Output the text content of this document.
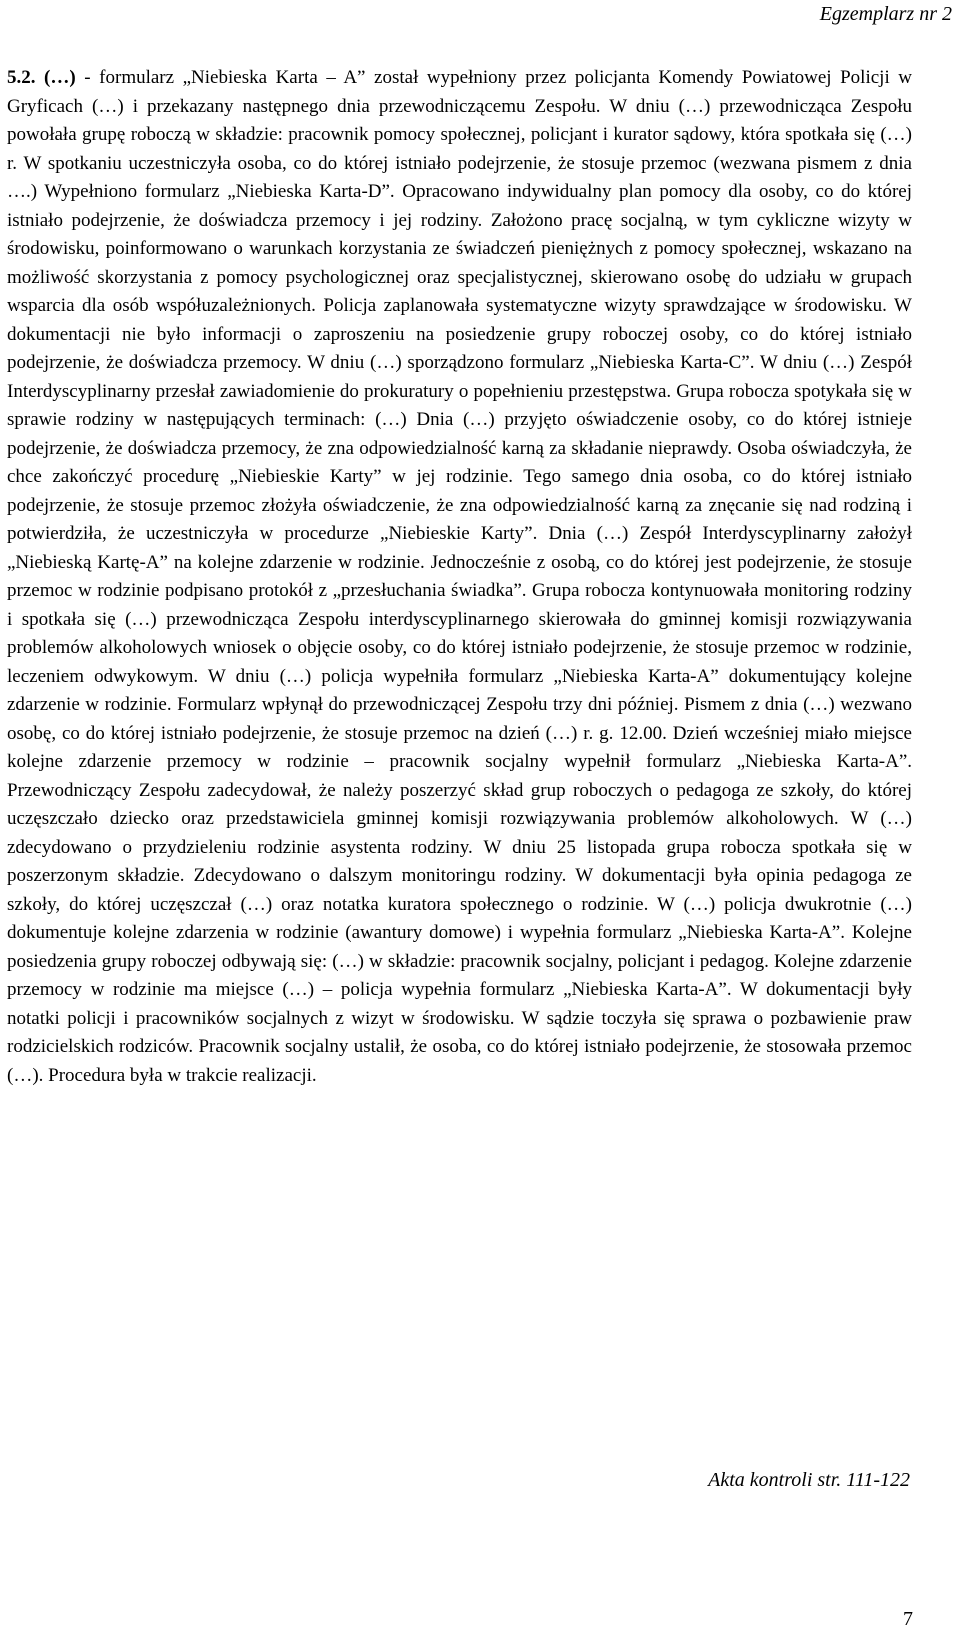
Egzemplarz nr 2
5.2. (…) - formularz „Niebieska Karta – A” został wypełniony przez policjanta Komendy Powiatowej Policji w Gryficach (…) i przekazany następnego dnia przewodniczącemu Zespołu. W dniu (…) przewodnicząca Zespołu powołała grupę roboczą w składzie: pracownik pomocy społecznej, policjant i kurator sądowy, która spotkała się (…) r. W spotkaniu uczestniczyła osoba, co do której istniało podejrzenie, że stosuje przemoc (wezwana pismem z dnia ….) Wypełniono formularz „Niebieska Karta-D”. Opracowano indywidualny plan pomocy dla osoby, co do której istniało podejrzenie, że doświadcza przemocy i jej rodziny. Założono pracę socjalną, w tym cykliczne wizyty w środowisku, poinformowano o warunkach korzystania ze świadczeń pieniężnych z pomocy społecznej, wskazano na możliwość skorzystania z pomocy psychologicznej oraz specjalistycznej, skierowano osobę do udziału w grupach wsparcia dla osób współuzależnionych. Policja zaplanowała systematyczne wizyty sprawdzające w środowisku. W dokumentacji nie było informacji o zaproszeniu na posiedzenie grupy roboczej osoby, co do której istniało podejrzenie, że doświadcza przemocy. W dniu (…) sporządzono formularz „Niebieska Karta-C”. W dniu (…) Zespół Interdyscyplinarny przesłał zawiadomienie do prokuratury o popełnieniu przestępstwa. Grupa robocza spotykała się w sprawie rodziny w następujących terminach: (…) Dnia (…) przyjęto oświadczenie osoby, co do której istnieje podejrzenie, że doświadcza przemocy, że zna odpowiedzialność karną za składanie nieprawdy. Osoba oświadczyła, że chce zakończyć procedurę „Niebieskie Karty” w jej rodzinie. Tego samego dnia osoba, co do której istniało podejrzenie, że stosuje przemoc złożyła oświadczenie, że zna odpowiedzialność karną za znęcanie się nad rodziną i potwierdziła, że uczestniczyła w procedurze „Niebieskie Karty”. Dnia (…) Zespół Interdyscyplinarny założył „Niebieską Kartę-A” na kolejne zdarzenie w rodzinie. Jednocześnie z osobą, co do której jest podejrzenie, że stosuje przemoc w rodzinie podpisano protokół z „przesłuchania świadka”. Grupa robocza kontynuowała monitoring rodziny i spotkała się (…) przewodnicząca Zespołu interdyscyplinarnego skierowała do gminnej komisji rozwiązywania problemów alkoholowych wniosek o objęcie osoby, co do której istniało podejrzenie, że stosuje przemoc w rodzinie, leczeniem odwykowym. W dniu (…) policja wypełniła formularz „Niebieska Karta-A” dokumentujący kolejne zdarzenie w rodzinie. Formularz wpłynął do przewodniczącej Zespołu trzy dni później. Pismem z dnia (…) wezwano osobę, co do której istniało podejrzenie, że stosuje przemoc na dzień (…) r. g. 12.00. Dzień wcześniej miało miejsce kolejne zdarzenie przemocy w rodzinie – pracownik socjalny wypełnił formularz „Niebieska Karta-A”. Przewodniczący Zespołu zadecydował, że należy poszerzyć skład grup roboczych o pedagoga ze szkoły, do której uczęszczało dziecko oraz przedstawiciela gminnej komisji rozwiązywania problemów alkoholowych. W (…) zdecydowano o przydzieleniu rodzinie asystenta rodziny. W dniu 25 listopada grupa robocza spotkała się w poszerzonym składzie. Zdecydowano o dalszym monitoringu rodziny. W dokumentacji była opinia pedagoga ze szkoły, do której uczęszczał (…) oraz notatka kuratora społecznego o rodzinie. W (…) policja dwukrotnie (…) dokumentuje kolejne zdarzenia w rodzinie (awantury domowe) i wypełnia formularz „Niebieska Karta-A”. Kolejne posiedzenia grupy roboczej odbywają się: (…) w składzie: pracownik socjalny, policjant i pedagog. Kolejne zdarzenie przemocy w rodzinie ma miejsce (…) – policja wypełnia formularz „Niebieska Karta-A”. W dokumentacji były notatki policji i pracowników socjalnych z wizyt w środowisku. W sądzie toczyła się sprawa o pozbawienie praw rodzicielskich rodziców. Pracownik socjalny ustalił, że osoba, co do której istniało podejrzenie, że stosowała przemoc (…). Procedura była w trakcie realizacji.
Akta kontroli str. 111-122
7
